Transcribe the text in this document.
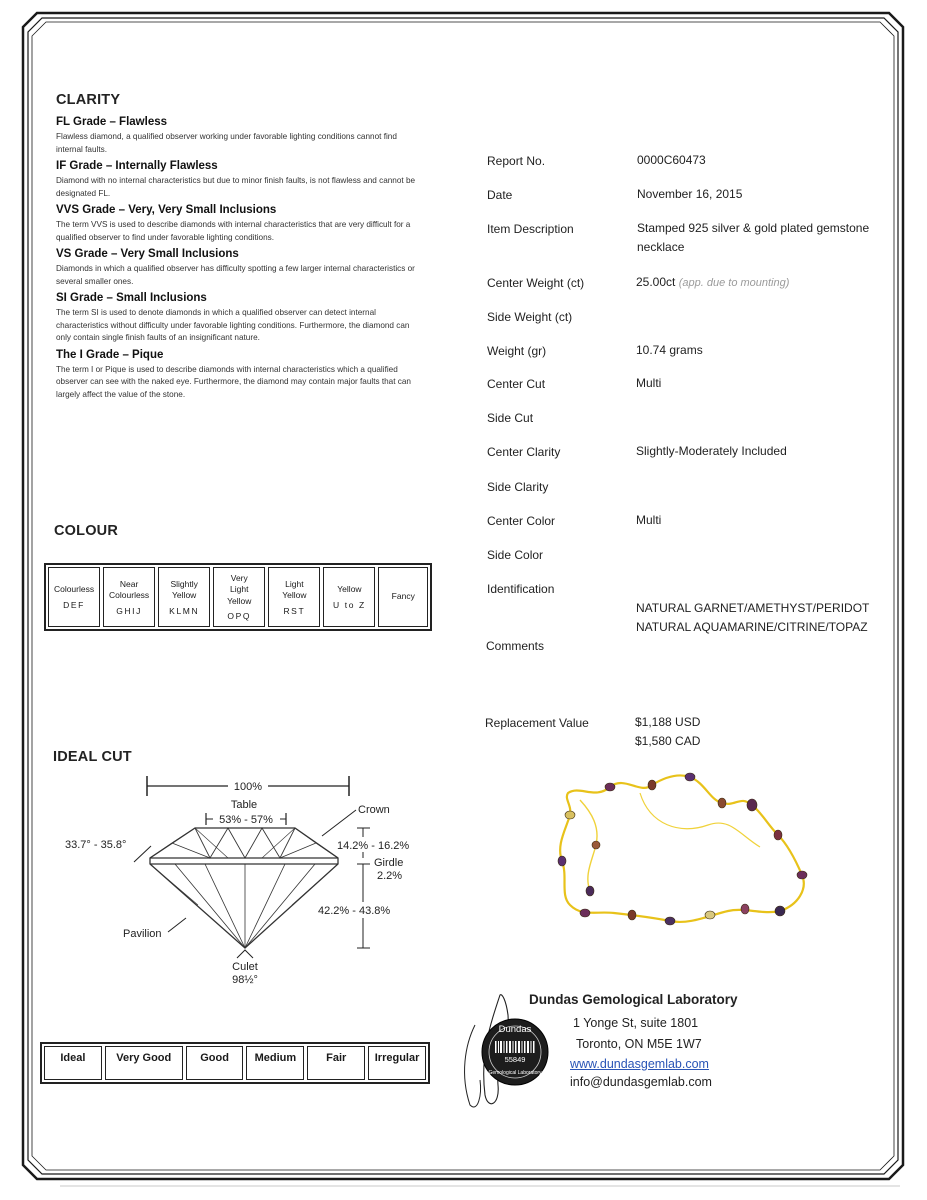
CLARITY
FL Grade – Flawless
Flawless diamond, a qualified observer working under favorable lighting conditions cannot find internal faults.
IF Grade – Internally Flawless
Diamond with no internal characteristics but due to minor finish faults, is not flawless and cannot be designated FL.
VVS Grade – Very, Very Small Inclusions
The term VVS is used to describe diamonds with internal characteristics that are very difficult for a qualified observer to find under favorable lighting conditions.
VS Grade – Very Small Inclusions
Diamonds in which a qualified observer has difficulty spotting a few larger internal characteristics or several smaller ones.
SI Grade – Small Inclusions
The term SI is used to denote diamonds in which a qualified observer can detect internal characteristics without difficulty under favorable lighting conditions. Furthermore, the diamond can only contain single finish faults of an insignificant nature.
The I Grade – Pique
The term I or Pique is used to describe diamonds with internal characteristics which a qualified observer can see with the naked eye. Furthermore, the diamond may contain major faults that can largely affect the value of the stone.
COLOUR
Colourless
DEF
Near Colourless
GHIJ
Slightly Yellow
KLMN
Very Light Yellow
OPQ
Light Yellow
RST
Yellow
U to Z
Fancy
IDEAL CUT
100%
Table
53% - 57%
Crown
33.7° - 35.8°	14.2% - 16.2%
Girdle
2.2%
42.2% - 43.8%
Pavilion
Culet
98½°
Ideal	Very Good	Good	Medium	Fair	Irregular
Report No.	0000C60473
Date	November 16, 2015
Item Description	Stamped 925 silver & gold plated gemstone necklace
Center Weight (ct)	25.00ct (app. due to mounting)
Side Weight (ct)
Weight (gr)	10.74 grams
Center Cut	Multi
Side Cut
Center Clarity	Slightly-Moderately Included
Side Clarity
Center Color	Multi
Side Color
Identification
NATURAL GARNET/AMETHYST/PERIDOT
NATURAL AQUAMARINE/CITRINE/TOPAZ
Comments
Replacement Value	$1,188 USD
$1,580 CAD
Dundas
55849
Gemological Laboratory
Dundas Gemological Laboratory
1 Yonge St, suite 1801
Toronto, ON M5E 1W7
www.dundasgemlab.com
info@dundasgemlab.com
